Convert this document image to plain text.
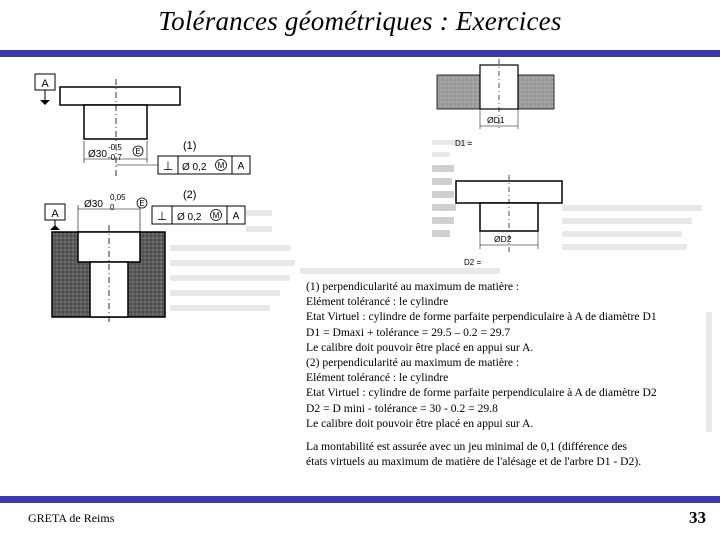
Tolérances géométriques : Exercices
A
Ø30
-0,5
-0,7
E	(1)
⊥ Ø 0,2 M A
(2)
Ø30
0,05
0	E
A	⊥ Ø 0,2 M A
ØD1
D1 =
ØD2
D2 =

(1) perpendicularité au maximum de matière :

Elément tolérancé : le cylindre

Etat Virtuel : cylindre de forme parfaite perpendiculaire à A de diamètre D1

D1 = Dmaxi + tolérance = 29.5 – 0.2 = 29.7

Le calibre doit pouvoir être placé en appui sur A.

(2) perpendicularité au maximum de matière :

Elément tolérancé : le cylindre

Etat Virtuel : cylindre de forme parfaite perpendiculaire à A de diamètre D2

D2 = D mini - tolérance = 30 - 0.2 = 29.8

Le calibre doit pouvoir être placé en appui sur A.

La montabilité est assurée avec un jeu minimal de 0,1 (différence des

états virtuels au maximum de matière de l'alésage et de l'arbre D1 - D2).

GRETA de Reims	33
